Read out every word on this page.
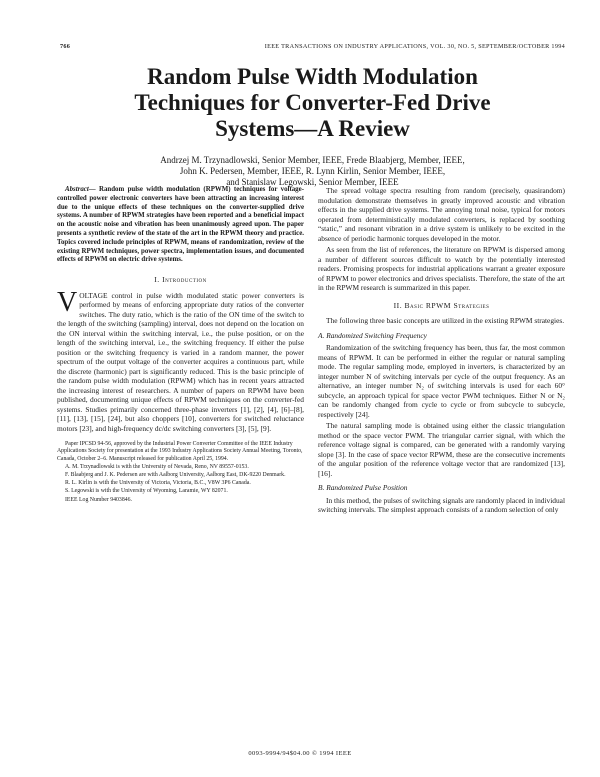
766	IEEE TRANSACTIONS ON INDUSTRY APPLICATIONS, VOL. 30, NO. 5, SEPTEMBER/OCTOBER 1994
Random Pulse Width Modulation
Techniques for Converter-Fed Drive
Systems—A Review
Andrzej M. Trzynadlowski, Senior Member, IEEE, Frede Blaabjerg, Member, IEEE,
John K. Pedersen, Member, IEEE, R. Lynn Kirlin, Senior Member, IEEE,
and Stanislaw Legowski, Senior Member, IEEE

Abstract— Random pulse width modulation (RPWM) techniques for voltage-controlled power electronic converters have been attracting an increasing interest due to the unique effects of these techniques on the converter-supplied drive systems. A number of RPWM strategies have been reported and a beneficial impact on the acoustic noise and vibration has been unanimously agreed upon. The paper presents a synthetic review of the state of the art in the RPWM theory and practice. Topics covered include principles of RPWM, means of randomization, review of the existing RPWM techniques, power spectra, implementation issues, and documented effects of RPWM on electric drive systems.

I. Introduction

VOLTAGE control in pulse width modulated static power converters is performed by means of enforcing appropriate duty ratios of the converter switches. The duty ratio, which is the ratio of the ON time of the switch to the length of the switching (sampling) interval, does not depend on the location on the ON interval within the switching interval, i.e., the pulse position, or on the length of the switching interval, i.e., the switching frequency. If either the pulse position or the switching frequency is varied in a random manner, the power spectrum of the output voltage of the converter acquires a continuous part, while the discrete (harmonic) part is significantly reduced. This is the basic principle of the random pulse width modulation (RPWM) which has in recent years attracted the increasing interest of researchers. A number of papers on RPWM have been published, documenting unique effects of RPWM techniques on the converter-fed systems. Studies primarily concerned three-phase inverters [1], [2], [4], [6]–[8], [11], [13], [15], [24], but also choppers [10], converters for switched reluctance motors [23], and high-frequency dc/dc switching converters [3], [5], [9].

Paper IPCSD 94-56, approved by the Industrial Power Converter Committee of the IEEE Industry Applications Society for presentation at the 1993 Industry Applications Society Annual Meeting, Toronto, Canada, October 2–6. Manuscript released for publication April 25, 1994.

A. M. Trzynadlowski is with the University of Nevada, Reno, NV 89557-0153.

F. Blaabjerg and J. K. Pedersen are with Aalborg University, Aalborg East, DK-9220 Denmark.

R. L. Kirlin is with the University of Victoria, Victoria, B.C., V8W 3P6 Canada.

S. Legowski is with the University of Wyoming, Laramie, WY 82071.

IEEE Log Number 9403846.

The spread voltage spectra resulting from random (precisely, quasirandom) modulation demonstrate themselves in greatly improved acoustic and vibration effects in the supplied drive systems. The annoying tonal noise, typical for motors operated from deterministically modulated converters, is replaced by soothing “static,” and resonant vibration in a drive system is unlikely to be excited in the absence of periodic harmonic torques developed in the motor.

As seen from the list of references, the literature on RPWM is dispersed among a number of different sources difficult to watch by the potentially interested readers. Promising prospects for industrial applications warrant a greater exposure of RPWM to power electronics and drives specialists. Therefore, the state of the art in the RPWM research is summarized in this paper.

II. Basic RPWM Strategies

The following three basic concepts are utilized in the existing RPWM strategies.

A. Randomized Switching Frequency

Randomization of the switching frequency has been, thus far, the most common means of RPWM. It can be performed in either the regular or natural sampling mode. The regular sampling mode, employed in inverters, is characterized by an integer number N of switching intervals per cycle of the output frequency. As an alternative, an integer number N₂ of switching intervals is used for each 60° subcycle, an approach typical for space vector PWM techniques. Either N or N₂ can be randomly changed from cycle to cycle or from subcycle to subcycle, respectively [24].

The natural sampling mode is obtained using either the classic triangulation method or the space vector PWM. The triangular carrier signal, with which the reference voltage signal is compared, can be generated with a randomly varying slope [3]. In the case of space vector RPWM, these are the consecutive increments of the angular position of the reference voltage vector that are randomized [13], [16].

B. Randomized Pulse Position

In this method, the pulses of switching signals are randomly placed in individual switching intervals. The simplest approach consists of a random selection of only

0093-9994/94$04.00 © 1994 IEEE
